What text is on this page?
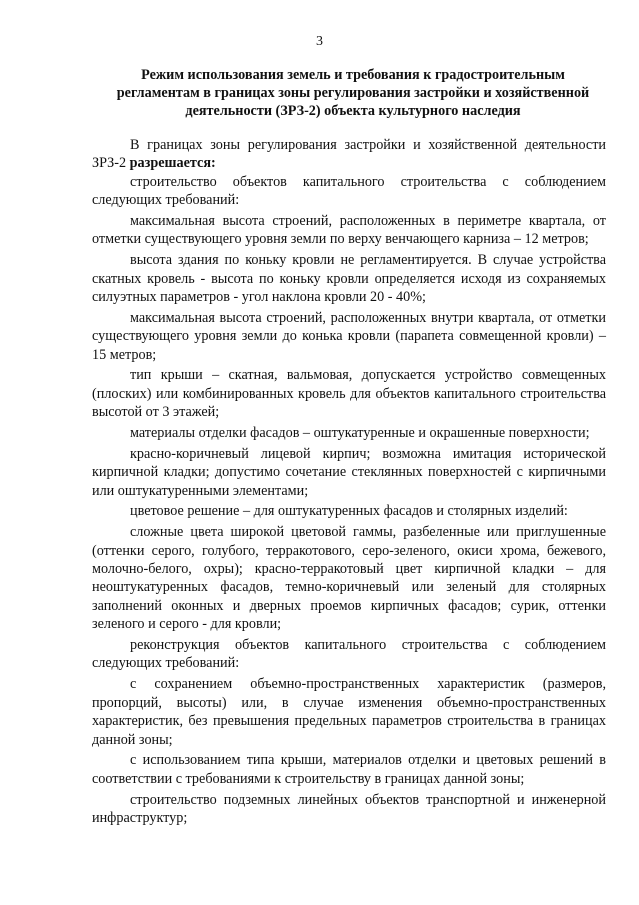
3
Режим использования земель и требования к градостроительным
регламентам в границах зоны регулирования застройки и хозяйственной
деятельности (ЗРЗ-2) объекта культурного наследия

В границах зоны регулирования застройки и хозяйственной деятельности ЗРЗ-2 разрешается:

строительство объектов капитального строительства с соблюдением следующих требований:

максимальная высота строений, расположенных в периметре квартала, от отметки существующего уровня земли по верху венчающего карниза – 12 метров;

высота здания по коньку кровли не регламентируется. В случае устройства скатных кровель - высота по коньку кровли определяется исходя из сохраняемых силуэтных параметров - угол наклона кровли 20 - 40%;

максимальная высота строений, расположенных внутри квартала, от отметки существующего уровня земли до конька кровли (парапета совмещенной кровли) – 15 метров;

тип крыши – скатная, вальмовая, допускается устройство совмещенных (плоских) или комбинированных кровель для объектов капитального строительства высотой от 3 этажей;

материалы отделки фасадов – оштукатуренные и окрашенные поверхности;

красно-коричневый лицевой кирпич; возможна имитация исторической кирпичной кладки; допустимо сочетание стеклянных поверхностей с кирпичными или оштукатуренными элементами;

цветовое решение – для оштукатуренных фасадов и столярных изделий:

сложные цвета широкой цветовой гаммы, разбеленные или приглушенные (оттенки серого, голубого, терракотового, серо-зеленого, окиси хрома, бежевого, молочно-белого, охры); красно-терракотовый цвет кирпичной кладки – для неоштукатуренных фасадов, темно-коричневый или зеленый для столярных заполнений оконных и дверных проемов кирпичных фасадов; сурик, оттенки зеленого и серого - для кровли;

реконструкция объектов капитального строительства с соблюдением следующих требований:

с сохранением объемно-пространственных характеристик (размеров, пропорций, высоты) или, в случае изменения объемно-пространственных характеристик, без превышения предельных параметров строительства в границах данной зоны;

с использованием типа крыши, материалов отделки и цветовых решений в соответствии с требованиями к строительству в границах данной зоны;

строительство подземных линейных объектов транспортной и инженерной инфраструктур;
